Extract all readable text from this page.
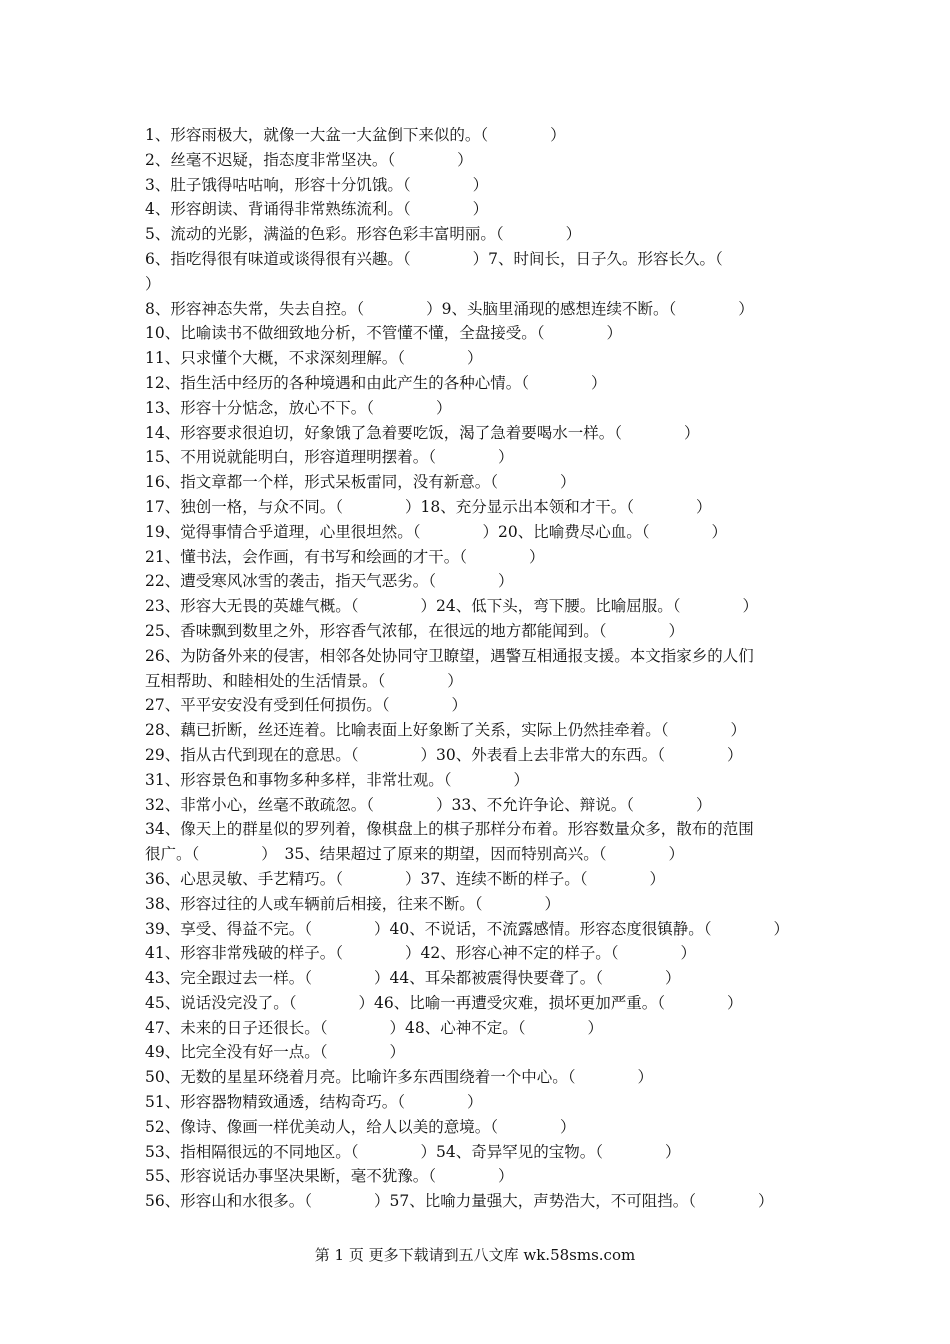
1、形容雨极大，就像一大盆一大盆倒下来似的。（　　　　）
2、丝毫不迟疑，指态度非常坚决。（　　　　）
3、肚子饿得咕咕响，形容十分饥饿。（　　　　）
4、形容朗读、背诵得非常熟练流利。（　　　　）
5、流动的光影，满溢的色彩。形容色彩丰富明丽。（　　　　）
6、指吃得很有味道或谈得很有兴趣。（　　　　）7、时间长，日子久。形容长久。（
）
8、形容神态失常，失去自控。（　　　　）9、头脑里涌现的感想连续不断。（　　　　）
10、比喻读书不做细致地分析，不管懂不懂，全盘接受。（　　　　）
11、只求懂个大概，不求深刻理解。（　　　　）
12、指生活中经历的各种境遇和由此产生的各种心情。（　　　　）
13、形容十分惦念，放心不下。（　　　　）
14、形容要求很迫切，好象饿了急着要吃饭，渴了急着要喝水一样。（　　　　）
15、不用说就能明白，形容道理明摆着。（　　　　）
16、指文章都一个样，形式呆板雷同，没有新意。（　　　　）
17、独创一格，与众不同。（　　　　）18、充分显示出本领和才干。（　　　　）
19、觉得事情合乎道理，心里很坦然。（　　　　）20、比喻费尽心血。（　　　　）
21、懂书法，会作画，有书写和绘画的才干。（　　　　）
22、遭受寒风冰雪的袭击，指天气恶劣。（　　　　）
23、形容大无畏的英雄气概。（　　　　）24、低下头，弯下腰。比喻屈服。（　　　　）
25、香味飘到数里之外，形容香气浓郁，在很远的地方都能闻到。（　　　　）
26、为防备外来的侵害，相邻各处协同守卫瞭望，遇警互相通报支援。本文指家乡的人们
互相帮助、和睦相处的生活情景。（　　　　）
27、平平安安没有受到任何损伤。（　　　　）
28、藕已折断，丝还连着。比喻表面上好象断了关系，实际上仍然挂牵着。（　　　　）
29、指从古代到现在的意思。（　　　　）30、外表看上去非常大的东西。（　　　　）
31、形容景色和事物多种多样，非常壮观。（　　　　）
32、非常小心，丝毫不敢疏忽。（　　　　）33、不允许争论、辩说。（　　　　）
34、像天上的群星似的罗列着，像棋盘上的棋子那样分布着。形容数量众多，散布的范围
很广。（　　　　）　35、结果超过了原来的期望，因而特别高兴。（　　　　）
36、心思灵敏、手艺精巧。（　　　　）37、连续不断的样子。（　　　　）
38、形容过往的人或车辆前后相接，往来不断。（　　　　）
39、享受、得益不完。（　　　　）40、不说话，不流露感情。形容态度很镇静。（　　　　）
41、形容非常残破的样子。（　　　　）42、形容心神不定的样子。（　　　　）
43、完全跟过去一样。（　　　　）44、耳朵都被震得快要聋了。（　　　　）
45、说话没完没了。（　　　　）46、比喻一再遭受灾难，损坏更加严重。（　　　　）
47、未来的日子还很长。（　　　　）48、心神不定。（　　　　）
49、比完全没有好一点。（　　　　）
50、无数的星星环绕着月亮。比喻许多东西围绕着一个中心。（　　　　）
51、形容器物精致通透，结构奇巧。（　　　　）
52、像诗、像画一样优美动人，给人以美的意境。（　　　　）
53、指相隔很远的不同地区。（　　　　）54、奇异罕见的宝物。（　　　　）
55、形容说话办事坚决果断，毫不犹豫。（　　　　）
56、形容山和水很多。（　　　　）57、比喻力量强大，声势浩大，不可阻挡。（　　　　）
第 1 页 更多下载请到五八文库 wk.58sms.com
